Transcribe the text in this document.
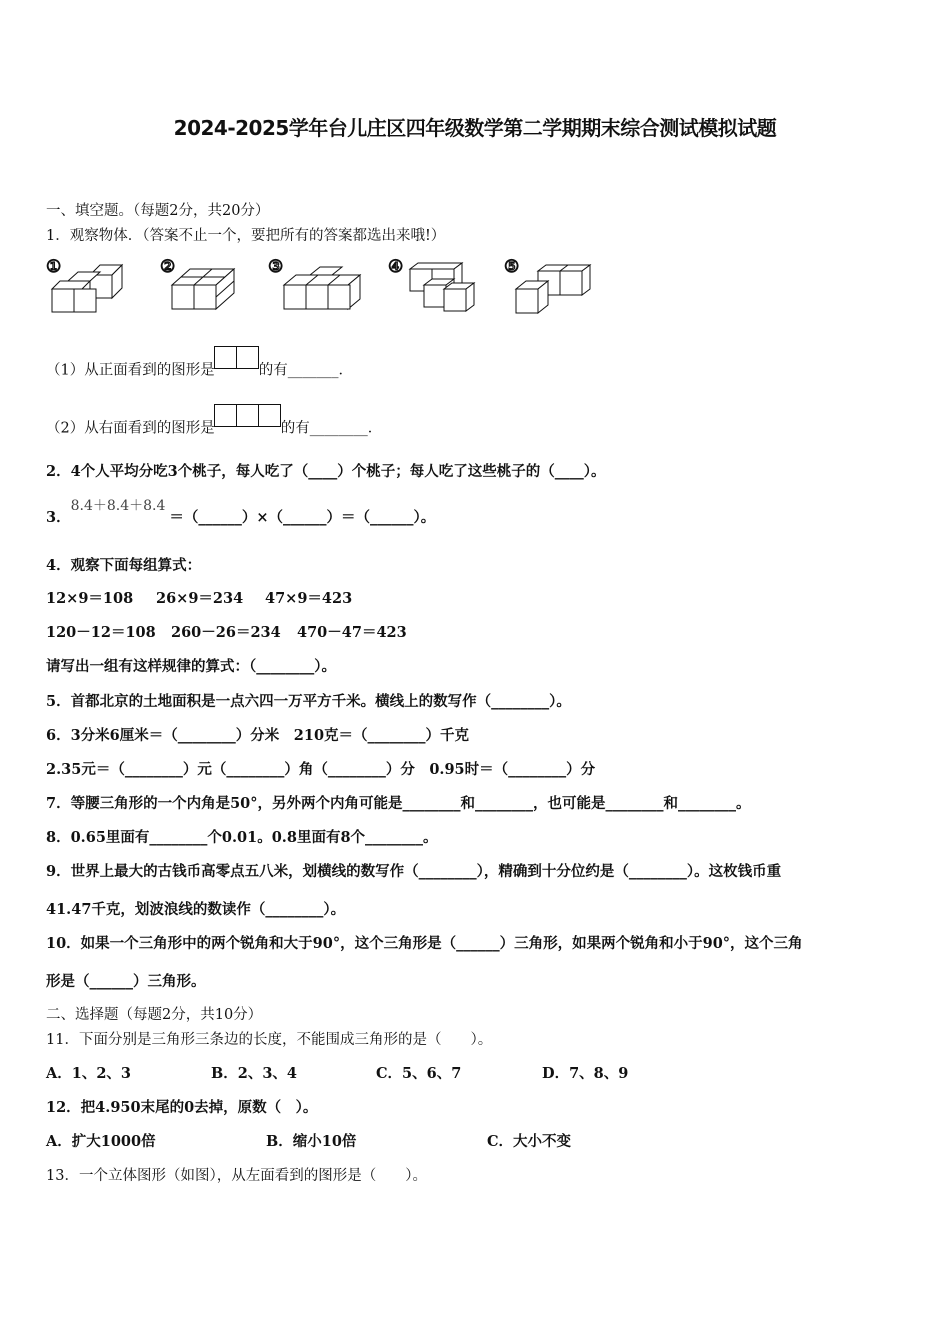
2024-2025学年台儿庄区四年级数学第二学期期末综合测试模拟试题
一、填空题。（每题2分，共20分）
1．观察物体．（答案不止一个，要把所有的答案都选出来哦!）
①	②	③	④	⑤
（1）从正面看到的图形是	的有_______．
（2）从右面看到的图形是	的有________．
2．4个人平均分吃3个桃子，每人吃了（____）个桃子；每人吃了这些桃子的（____）。
3．8.4＋8.4＋8.4＝（______）×（______）＝（______）。
4．观察下面每组算式：
12×9＝108 26×9＝234 47×9＝423
120－12＝108 260－26＝234 470－47＝423
请写出一组有这样规律的算式：（________）。
5．首都北京的土地面积是一点六四一万平方千米。横线上的数写作（________）。
6．3分米6厘米＝（________）分米　210克＝（________）千克
2.35元＝（________）元（________）角（________）分　0.95时＝（________）分
7．等腰三角形的一个内角是50°，另外两个内角可能是________和________，也可能是________和________。
8．0.65里面有________个0.01。0.8里面有8个________。
9．世界上最大的古钱币高零点五八米，划横线的数写作（________），精确到十分位约是（________）。这枚钱币重
41.47千克，划波浪线的数读作（________）。
10．如果一个三角形中的两个锐角和大于90°，这个三角形是（______）三角形，如果两个锐角和小于90°，这个三角
形是（______）三角形。
二、选择题（每题2分，共10分）
11．下面分别是三角形三条边的长度，不能围成三角形的是（　　）。
A．1、2、3	B．2、3、4	C．5、6、7	D．7、8、9
12．把4.950末尾的0去掉，原数（　）。
A．扩大1000倍	B．缩小10倍	C．大小不变
13．一个立体图形（如图），从左面看到的图形是（　　）。
